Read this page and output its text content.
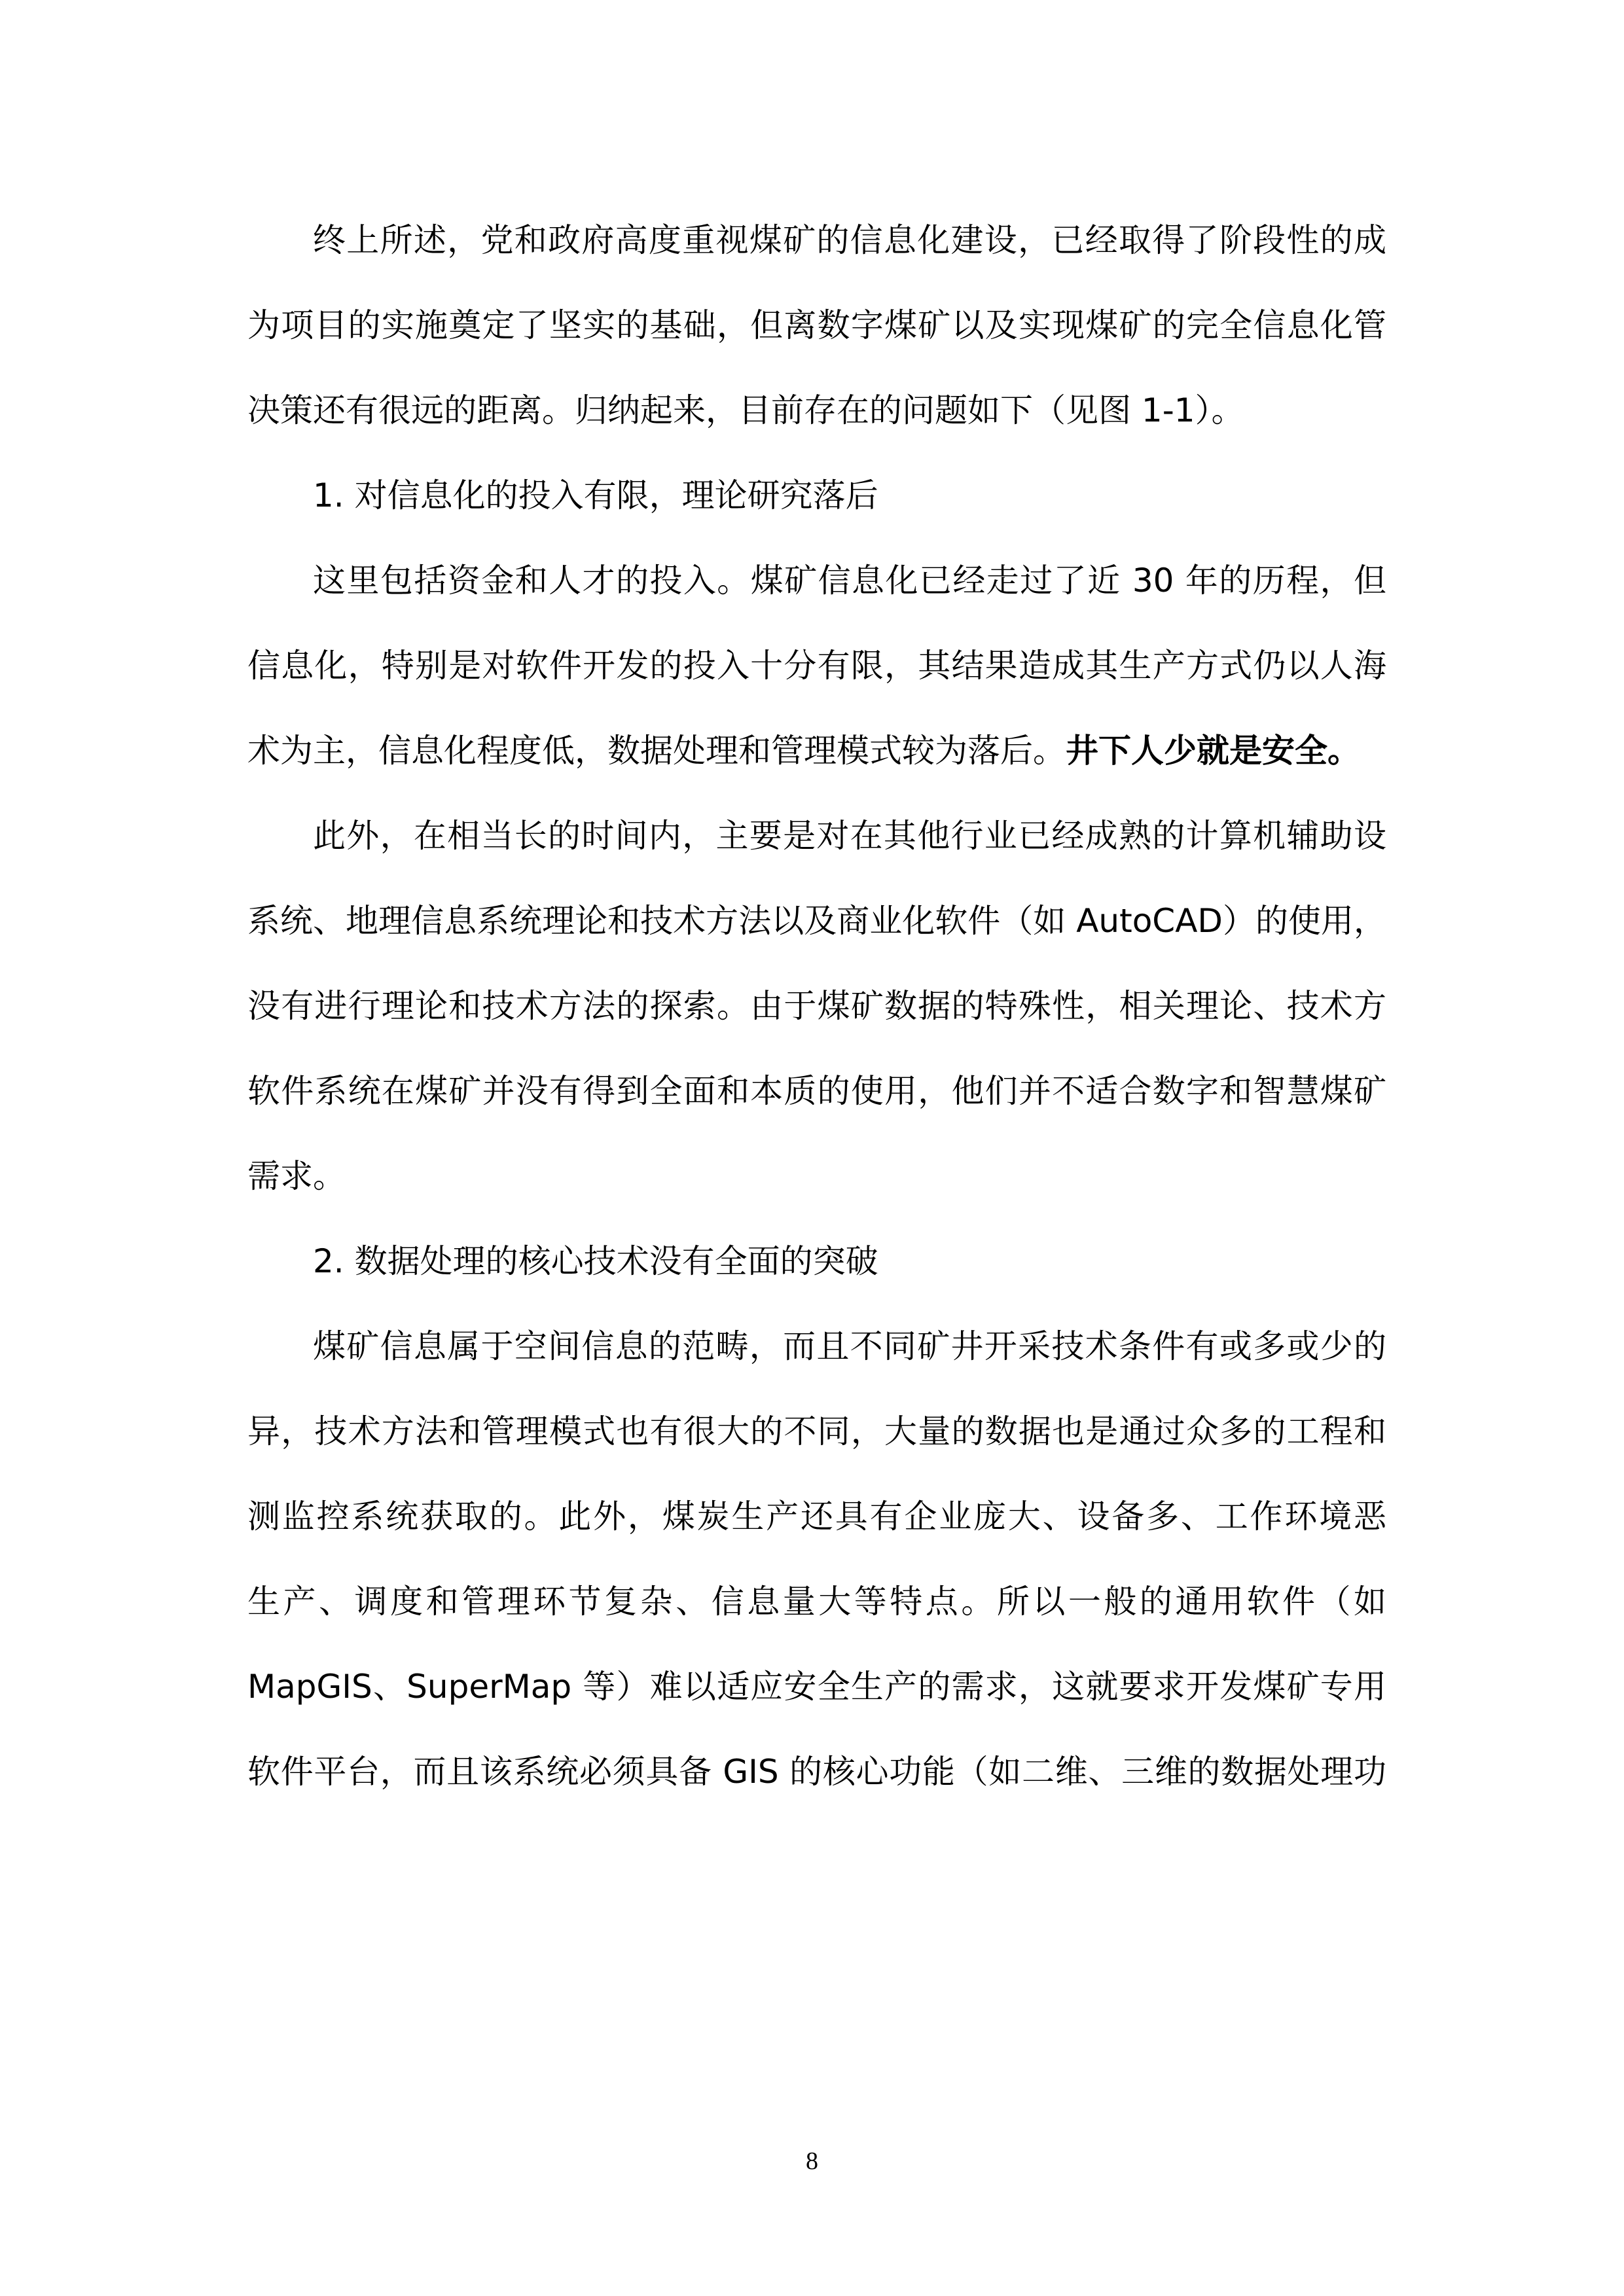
终上所述，党和政府高度重视煤矿的信息化建设，已经取得了阶段性的成
为项目的实施奠定了坚实的基础，但离数字煤矿以及实现煤矿的完全信息化管
决策还有很远的距离。归纳起来，目前存在的问题如下（见图 1-1）。
1. 对信息化的投入有限，理论研究落后
这里包括资金和人才的投入。煤矿信息化已经走过了近 30 年的历程，但
信息化，特别是对软件开发的投入十分有限，其结果造成其生产方式仍以人海
术为主，信息化程度低，数据处理和管理模式较为落后。井下人少就是安全。
此外，在相当长的时间内，主要是对在其他行业已经成熟的计算机辅助设
系统、地理信息系统理论和技术方法以及商业化软件（如 AutoCAD）的使用，
没有进行理论和技术方法的探索。由于煤矿数据的特殊性，相关理论、技术方
软件系统在煤矿并没有得到全面和本质的使用，他们并不适合数字和智慧煤矿
需求。
2. 数据处理的核心技术没有全面的突破
煤矿信息属于空间信息的范畴，而且不同矿井开采技术条件有或多或少的
异，技术方法和管理模式也有很大的不同，大量的数据也是通过众多的工程和
测监控系统获取的。此外，煤炭生产还具有企业庞大、设备多、工作环境恶
生产、调度和管理环节复杂、信息量大等特点。所以一般的通用软件（如
MapGIS、SuperMap 等）难以适应安全生产的需求，这就要求开发煤矿专用
软件平台，而且该系统必须具备 GIS 的核心功能（如二维、三维的数据处理功
8
